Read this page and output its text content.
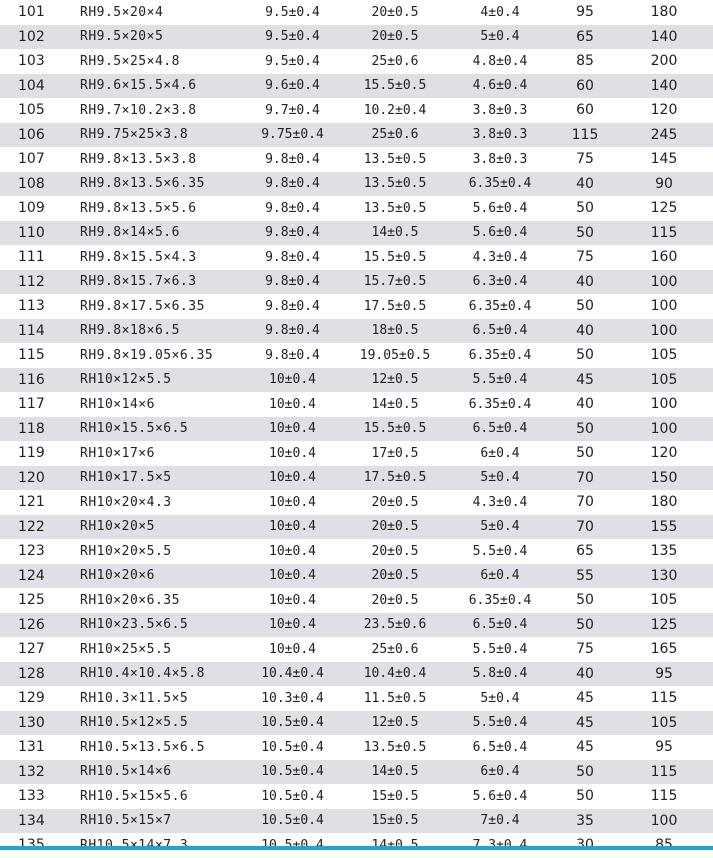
101	RH9.5×20×4	9.5±0.4	20±0.5	4±0.4	95	180
102	RH9.5×20×5	9.5±0.4	20±0.5	5±0.4	65	140
103	RH9.5×25×4.8	9.5±0.4	25±0.6	4.8±0.4	85	200
104	RH9.6×15.5×4.6	9.6±0.4	15.5±0.5	4.6±0.4	60	140
105	RH9.7×10.2×3.8	9.7±0.4	10.2±0.4	3.8±0.3	60	120
106	RH9.75×25×3.8	9.75±0.4	25±0.6	3.8±0.3	115	245
107	RH9.8×13.5×3.8	9.8±0.4	13.5±0.5	3.8±0.3	75	145
108	RH9.8×13.5×6.35	9.8±0.4	13.5±0.5	6.35±0.4	40	90
109	RH9.8×13.5×5.6	9.8±0.4	13.5±0.5	5.6±0.4	50	125
110	RH9.8×14×5.6	9.8±0.4	14±0.5	5.6±0.4	50	115
111	RH9.8×15.5×4.3	9.8±0.4	15.5±0.5	4.3±0.4	75	160
112	RH9.8×15.7×6.3	9.8±0.4	15.7±0.5	6.3±0.4	40	100
113	RH9.8×17.5×6.35	9.8±0.4	17.5±0.5	6.35±0.4	50	100
114	RH9.8×18×6.5	9.8±0.4	18±0.5	6.5±0.4	40	100
115	RH9.8×19.05×6.35	9.8±0.4	19.05±0.5	6.35±0.4	50	105
116	RH10×12×5.5	10±0.4	12±0.5	5.5±0.4	45	105
117	RH10×14×6	10±0.4	14±0.5	6.35±0.4	40	100
118	RH10×15.5×6.5	10±0.4	15.5±0.5	6.5±0.4	50	100
119	RH10×17×6	10±0.4	17±0.5	6±0.4	50	120
120	RH10×17.5×5	10±0.4	17.5±0.5	5±0.4	70	150
121	RH10×20×4.3	10±0.4	20±0.5	4.3±0.4	70	180
122	RH10×20×5	10±0.4	20±0.5	5±0.4	70	155
123	RH10×20×5.5	10±0.4	20±0.5	5.5±0.4	65	135
124	RH10×20×6	10±0.4	20±0.5	6±0.4	55	130
125	RH10×20×6.35	10±0.4	20±0.5	6.35±0.4	50	105
126	RH10×23.5×6.5	10±0.4	23.5±0.6	6.5±0.4	50	125
127	RH10×25×5.5	10±0.4	25±0.6	5.5±0.4	75	165
128	RH10.4×10.4×5.8	10.4±0.4	10.4±0.4	5.8±0.4	40	95
129	RH10.3×11.5×5	10.3±0.4	11.5±0.5	5±0.4	45	115
130	RH10.5×12×5.5	10.5±0.4	12±0.5	5.5±0.4	45	105
131	RH10.5×13.5×6.5	10.5±0.4	13.5±0.5	6.5±0.4	45	95
132	RH10.5×14×6	10.5±0.4	14±0.5	6±0.4	50	115
133	RH10.5×15×5.6	10.5±0.4	15±0.5	5.6±0.4	50	115
134	RH10.5×15×7	10.5±0.4	15±0.5	7±0.4	35	100
